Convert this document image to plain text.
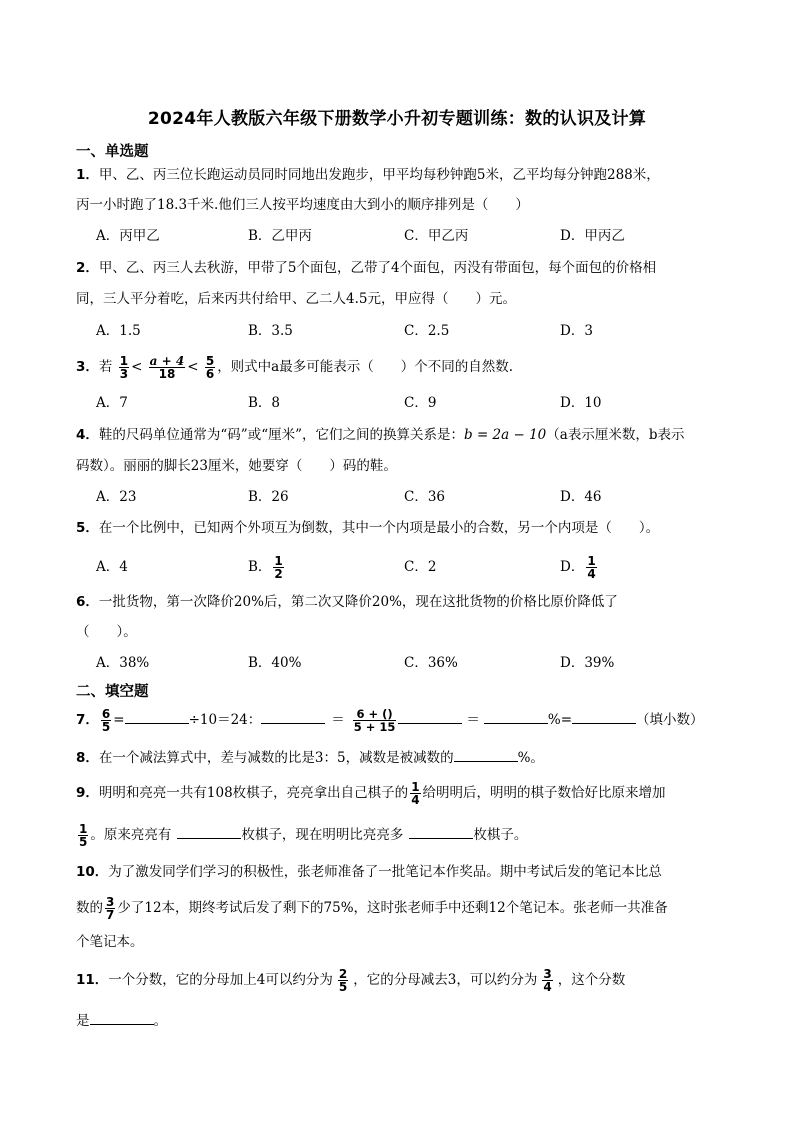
2024年人教版六年级下册数学小升初专题训练：数的认识及计算
一、单选题
1．甲、乙、丙三位长跑运动员同时同地出发跑步，甲平均每秒钟跑5米，乙平均每分钟跑288米，
丙一小时跑了18.3千米.他们三人按平均速度由大到小的顺序排列是（　　）
A．丙甲乙	B．乙甲丙	C．甲乙丙	D．甲丙乙
2．甲、乙、丙三人去秋游，甲带了5个面包，乙带了4个面包，丙没有带面包，每个面包的价格相
同，三人平分着吃，后来丙共付给甲、乙二人4.5元，甲应得（　　）元。
A．1.5	B．3.5	C．2.5	D．3
3．若 $\frac{1}{3} < \frac{a + 4}{18} < \frac{5}{6}$ ，则式中a最多可能表示（　　）个不同的自然数.
A．7	B．8	C．9	D．10
4．鞋的尺码单位通常为“码”或“厘米”，它们之间的换算关系是：b = 2a − 10（a表示厘米数，b表示
码数）。丽丽的脚长23厘米，她要穿（　　）码的鞋。
A．23	B．26	C．36	D．46
5．在一个比例中，已知两个外项互为倒数，其中一个内项是最小的合数，另一个内项是（　　）。
A．4	B． $\frac{1}{2}$	C．2	D． $\frac{1}{4}$
6．一批货物，第一次降价20%后，第二次又降价20%，现在这批货物的价格比原价降低了
（　　）。
A．38%	B．40%	C．36%	D．39%
二、填空题
7． $\frac{6}{5}$ =	÷10＝24：	＝ $\frac{6 + ()}{5 + 15}$	＝	%=	（填小数）
8．在一个减法算式中，差与减数的比是3：5，减数是被减数的	%。
9．明明和亮亮一共有108枚棋子，亮亮拿出自己棋子的 $\frac{1}{4}$ 给明明后，明明的棋子数恰好比原来增加
$\frac{1}{5}$ 。原来亮亮有	枚棋子，现在明明比亮亮多	枚棋子。
10．为了激发同学们学习的积极性，张老师准备了一批笔记本作奖品。期中考试后发的笔记本比总
数的 $\frac{3}{7}$ 少了12本，期终考试后发了剩下的75%，这时张老师手中还剩12个笔记本。张老师一共准备
个笔记本。
11．一个分数，它的分母加上4可以约分为 $\frac{2}{5}$ ，它的分母减去3，可以约分为 $\frac{3}{4}$ ，这个分数
是	。
